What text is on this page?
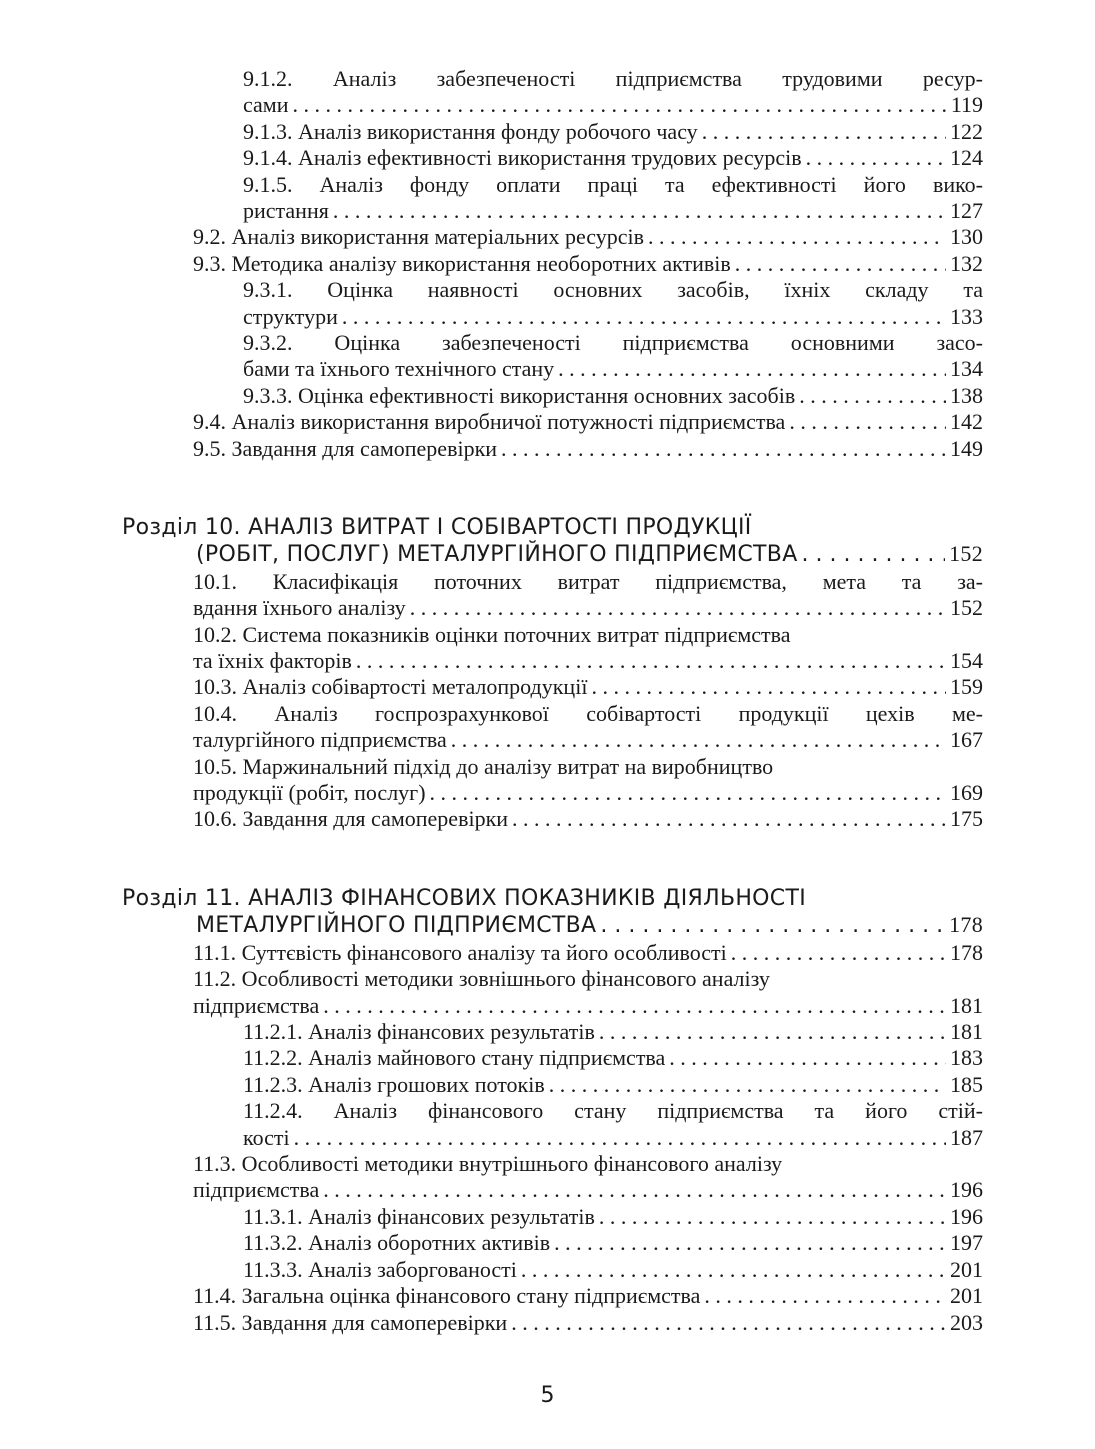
9.1.2. Аналіз забезпеченості підприємства трудовими ресур-
сами . . .	119
9.1.3. Аналіз використання фонду робочого часу . . .	122
9.1.4. Аналіз ефективності використання трудових ресурсів . . .	124
9.1.5. Аналіз фонду оплати праці та ефективності його вико-
ристання . . .	127
9.2. Аналіз використання матеріальних ресурсів . . .	130
9.3. Методика аналізу використання необоротних активів . . .	132
9.3.1. Оцінка наявності основних засобів, їхніх складу та
структури . . .	133
9.3.2. Оцінка забезпеченості підприємства основними засо-
бами та їхнього технічного стану . . .	134
9.3.3. Оцінка ефективності використання основних засобів . . .	138
9.4. Аналіз використання виробничої потужності підприємства . . .	142
9.5. Завдання для самоперевірки . . .	149
Розділ 10. АНАЛІЗ ВИТРАТ І СОБІВАРТОСТІ ПРОДУКЦІЇ
(РОБІТ, ПОСЛУГ) МЕТАЛУРГІЙНОГО ПІДПРИЄМСТВА . . .	152
10.1. Класифікація поточних витрат підприємства, мета та за-
вдання їхнього аналізу . . .	152
10.2. Система показників оцінки поточних витрат підприємства
та їхніх факторів . . .	154
10.3. Аналіз собівартості металопродукції . . .	159
10.4. Аналіз госпрозрахункової собівартості продукції цехів ме-
талургійного підприємства . . .	167
10.5. Маржинальний підхід до аналізу витрат на виробництво
продукції (робіт, послуг) . . .	169
10.6. Завдання для самоперевірки . . .	175
Розділ 11. АНАЛІЗ ФІНАНСОВИХ ПОКАЗНИКІВ ДІЯЛЬНОСТІ
МЕТАЛУРГІЙНОГО ПІДПРИЄМСТВА . . .	178
11.1. Суттєвість фінансового аналізу та його особливості . . .	178
11.2. Особливості методики зовнішнього фінансового аналізу
підприємства . . .	181
11.2.1. Аналіз фінансових результатів . . .	181
11.2.2. Аналіз майнового стану підприємства . . .	183
11.2.3. Аналіз грошових потоків . . .	185
11.2.4. Аналіз фінансового стану підприємства та його стій-
кості . . .	187
11.3. Особливості методики внутрішнього фінансового аналізу
підприємства . . .	196
11.3.1. Аналіз фінансових результатів . . .	196
11.3.2. Аналіз оборотних активів . . .	197
11.3.3. Аналіз заборгованості . . .	201
11.4. Загальна оцінка фінансового стану підприємства . . .	201
11.5. Завдання для самоперевірки . . .	203
5
